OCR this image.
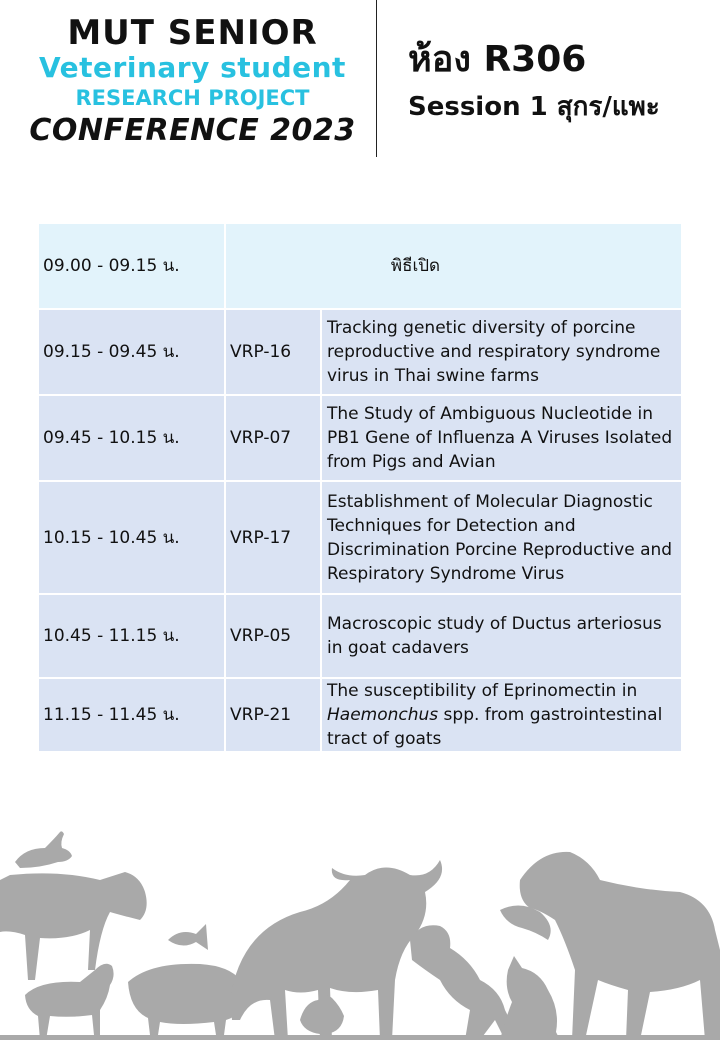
MUT SENIOR
Veterinary student
RESEARCH PROJECT
CONFERENCE 2023
ห้อง R306
Session 1 สุกร/แพะ
09.00 - 09.15 น.	พิธีเปิด	
09.15 - 09.45 น.	VRP-16	Tracking genetic diversity of porcine reproductive and respiratory syndrome virus in Thai swine farms
09.45 - 10.15 น.	VRP-07	The Study of Ambiguous Nucleotide in PB1 Gene of Influenza A Viruses Isolated from Pigs and Avian
10.15 - 10.45 น.	VRP-17	Establishment of Molecular Diagnostic Techniques for Detection and Discrimination Porcine Reproductive and Respiratory Syndrome Virus
10.45 - 11.15 น.	VRP-05	Macroscopic study of Ductus arteriosus in goat cadavers
11.15 - 11.45 น.	VRP-21	The susceptibility of Eprinomectin in Haemonchus spp. from gastrointestinal tract of goats
